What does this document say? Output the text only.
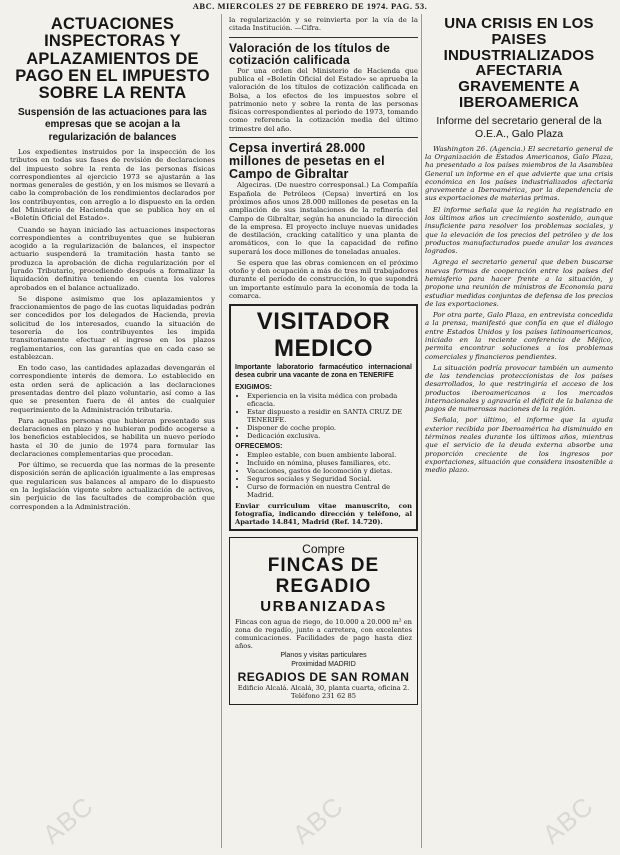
ABC. MIERCOLES 27 DE FEBRERO DE 1974. PAG. 53.
ACTUACIONES INSPECTORAS Y APLAZAMIENTOS DE PAGO EN EL IMPUESTO SOBRE LA RENTA
Suspensión de las actuaciones para las empresas que se acojan a la regularización de balances

Los expedientes instruidos por la inspección de los tributos en todas sus fases de revisión de declaraciones del impuesto sobre la renta de las personas físicas correspondientes al ejercicio 1973 se ajustarán a las normas generales de gestión, y en los mismos se llevará a cabo la comprobación de los rendimientos declarados por los contribuyentes, con arreglo a lo dispuesto en la orden del Ministerio de Hacienda que se publica hoy en el «Boletín Oficial del Estado».

Cuando se hayan iniciado las actuaciones inspectoras correspondientes a contribuyentes que se hubieran acogido a la regularización de balances, el inspector actuario suspenderá la tramitación hasta tanto se produzca la aprobación de dicha regularización por el Jurado Tributario, procediendo después a formalizar la liquidación definitiva teniendo en cuenta los valores aprobados en el balance actualizado.

Se dispone asimismo que los aplazamientos y fraccionamientos de pago de las cuotas liquidadas podrán ser concedidos por los delegados de Hacienda, previa solicitud de los interesados, cuando la situación de tesorería de los contribuyentes les impida transitoriamente efectuar el ingreso en los plazos reglamentarios, con las garantías que en cada caso se establezcan.

En todo caso, las cantidades aplazadas devengarán el correspondiente interés de demora. Lo establecido en esta orden será de aplicación a las declaraciones presentadas dentro del plazo voluntario, así como a las que se presenten fuera de él antes de cualquier requerimiento de la Administración tributaria.

Para aquellas personas que hubieran presentado sus declaraciones en plazo y no hubieran podido acogerse a los beneficios establecidos, se habilita un nuevo período hasta el 30 de junio de 1974 para formular las declaraciones complementarias que procedan.

Por último, se recuerda que las normas de la presente disposición serán de aplicación igualmente a las empresas que regularicen sus balances al amparo de lo dispuesto en la legislación vigente sobre actualización de activos, sin perjuicio de las facultades de comprobación que corresponden a la Administración.

la regularización y se reinvierta por la vía de la citada Institución. —Cifra.

Valoración de los títulos de cotización calificada

Por una orden del Ministerio de Hacienda que publica el «Boletín Oficial del Estado» se aprueba la valoración de los títulos de cotización calificada en Bolsa, a los efectos de los impuestos sobre el patrimonio neto y sobre la renta de las personas físicas correspondientes al periodo de 1973, tomando como referencia la cotización media del último trimestre del año.

Cepsa invertirá 28.000 millones de pesetas en el Campo de Gibraltar

Algeciras. (De nuestro corresponsal.) La Compañía Española de Petróleos (Cepsa) invertirá en los próximos años unos 28.000 millones de pesetas en la ampliación de sus instalaciones de la refinería del Campo de Gibraltar, según ha anunciado la dirección de la empresa. El proyecto incluye nuevas unidades de destilación, cracking catalítico y una planta de aromáticos, con lo que la capacidad de refino superará los doce millones de toneladas anuales.

Se espera que las obras comiencen en el próximo otoño y den ocupación a más de tres mil trabajadores durante el período de construcción, lo que supondrá un importante estímulo para la economía de toda la comarca.

VISITADOR MEDICO
Importante laboratorio farmacéutico internacional desea cubrir una vacante de zona en TENERIFE
EXIGIMOS:
• Experiencia en la visita médica con probada eficacia.
• Estar dispuesto a residir en SANTA CRUZ DE TENERIFE.
• Disponer de coche propio.
• Dedicación exclusiva.
OFRECEMOS:
• Empleo estable, con buen ambiente laboral.
• Incluido en nómina, pluses familiares, etc.
• Vacaciones, gastos de locomoción y dietas.
• Seguros sociales y Seguridad Social.
• Curso de formación en nuestra Central de Madrid.
Enviar curriculum vitae manuscrito, con fotografía, indicando dirección y teléfono, al Apartado 14.841, Madrid (Ref. 14.720).
Compre
FINCAS DE REGADIO
URBANIZADAS
Fincas con agua de riego, de 10.000 a 20.000 m² en zona de regadío, junto a carretera, con excelentes comunicaciones. Facilidades de pago hasta diez años.
Planos y visitas particulares
Proximidad MADRID
REGADIOS DE SAN ROMAN
Edificio Alcalá. Alcalá, 30, planta cuarta, oficina 2. Teléfono 231 62 85
UNA CRISIS EN LOS PAISES INDUSTRIALIZADOS AFECTARIA GRAVEMENTE A IBEROAMERICA
Informe del secretario general de la O.E.A., Galo Plaza

Washington 26. (Agencia.) El secretario general de la Organización de Estados Americanos, Galo Plaza, ha presentado a los países miembros de la Asamblea General un informe en el que advierte que una crisis económica en los países industrializados afectaría gravemente a Iberoamérica, por la dependencia de sus exportaciones de materias primas.

El informe señala que la región ha registrado en los últimos años un crecimiento sostenido, aunque insuficiente para resolver los problemas sociales, y que la elevación de los precios del petróleo y de los productos manufacturados puede anular los avances logrados.

Agrega el secretario general que deben buscarse nuevas formas de cooperación entre los países del hemisferio para hacer frente a la situación, y propone una reunión de ministros de Economía para estudiar medidas conjuntas de defensa de los precios de las exportaciones.

Por otra parte, Galo Plaza, en entrevista concedida a la prensa, manifestó que confía en que el diálogo entre Estados Unidos y los países latinoamericanos, iniciado en la reciente conferencia de Méjico, permita encontrar soluciones a los problemas comerciales y financieros pendientes.

La situación podría provocar también un aumento de las tendencias proteccionistas de los países desarrollados, lo que restringiría el acceso de los productos iberoamericanos a los mercados internacionales y agravaría el déficit de la balanza de pagos de numerosas naciones de la región.

Señala, por último, el informe que la ayuda exterior recibida por Iberoamérica ha disminuido en términos reales durante los últimos años, mientras que el servicio de la deuda externa absorbe una proporción creciente de los ingresos por exportaciones, situación que considera insostenible a medio plazo.

ABC	ABC	ABC
